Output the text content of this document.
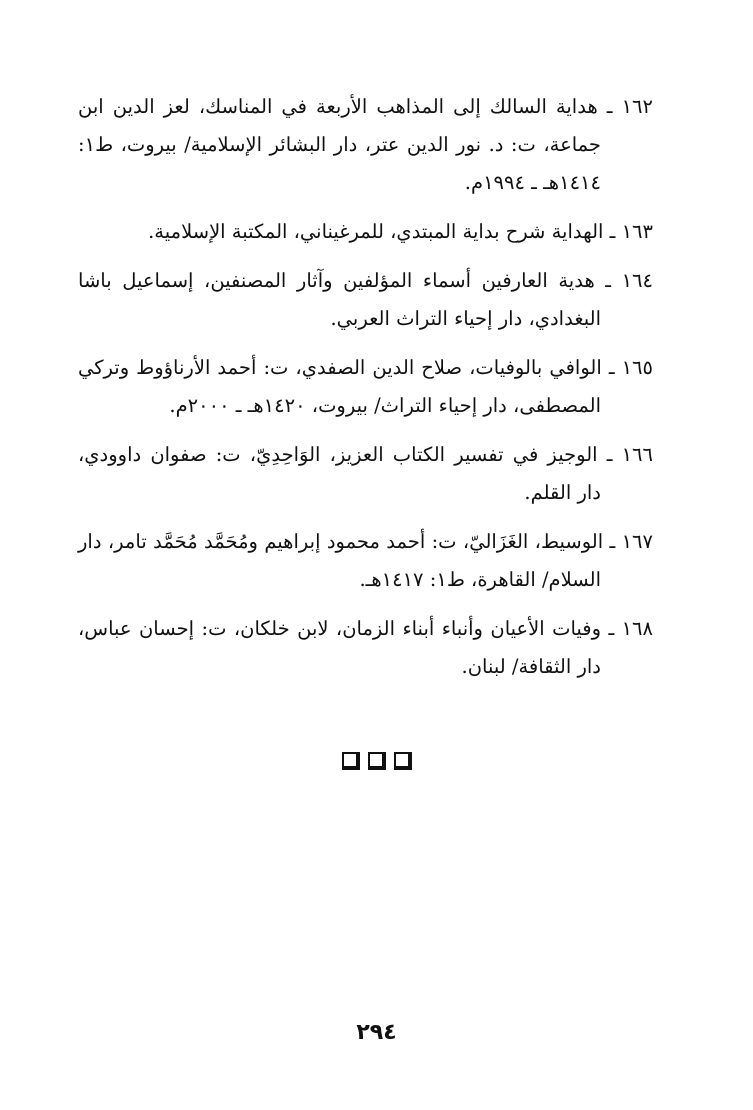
١٦٢ ـ هداية السالك إلى المذاهب الأربعة في المناسك، لعز الدين ابن جماعة، ت: د. نور الدين عتر، دار البشائر الإسلامية/ بيروت، ط١: ١٤١٤هـ ـ ١٩٩٤م.

١٦٣ ـ الهداية شرح بداية المبتدي، للمرغيناني، المكتبة الإسلامية.

١٦٤ ـ هدية العارفين أسماء المؤلفين وآثار المصنفين، إسماعيل باشا البغدادي، دار إحياء التراث العربي.

١٦٥ ـ الوافي بالوفيات، صلاح الدين الصفدي، ت: أحمد الأرناؤوط وتركي المصطفى، دار إحياء التراث/ بيروت، ١٤٢٠هـ ـ ٢٠٠٠م.

١٦٦ ـ الوجيز في تفسير الكتاب العزيز، الوَاحِدِيّ، ت: صفوان داوودي، دار القلم.

١٦٧ ـ الوسيط، الغَزَاليّ، ت: أحمد محمود إبراهيم ومُحَمَّد مُحَمَّد تامر، دار السلام/ القاهرة، ط١: ١٤١٧هـ.

١٦٨ ـ وفيات الأعيان وأنباء أبناء الزمان، لابن خلكان، ت: إحسان عباس، دار الثقافة/ لبنان.

٢٩٤
